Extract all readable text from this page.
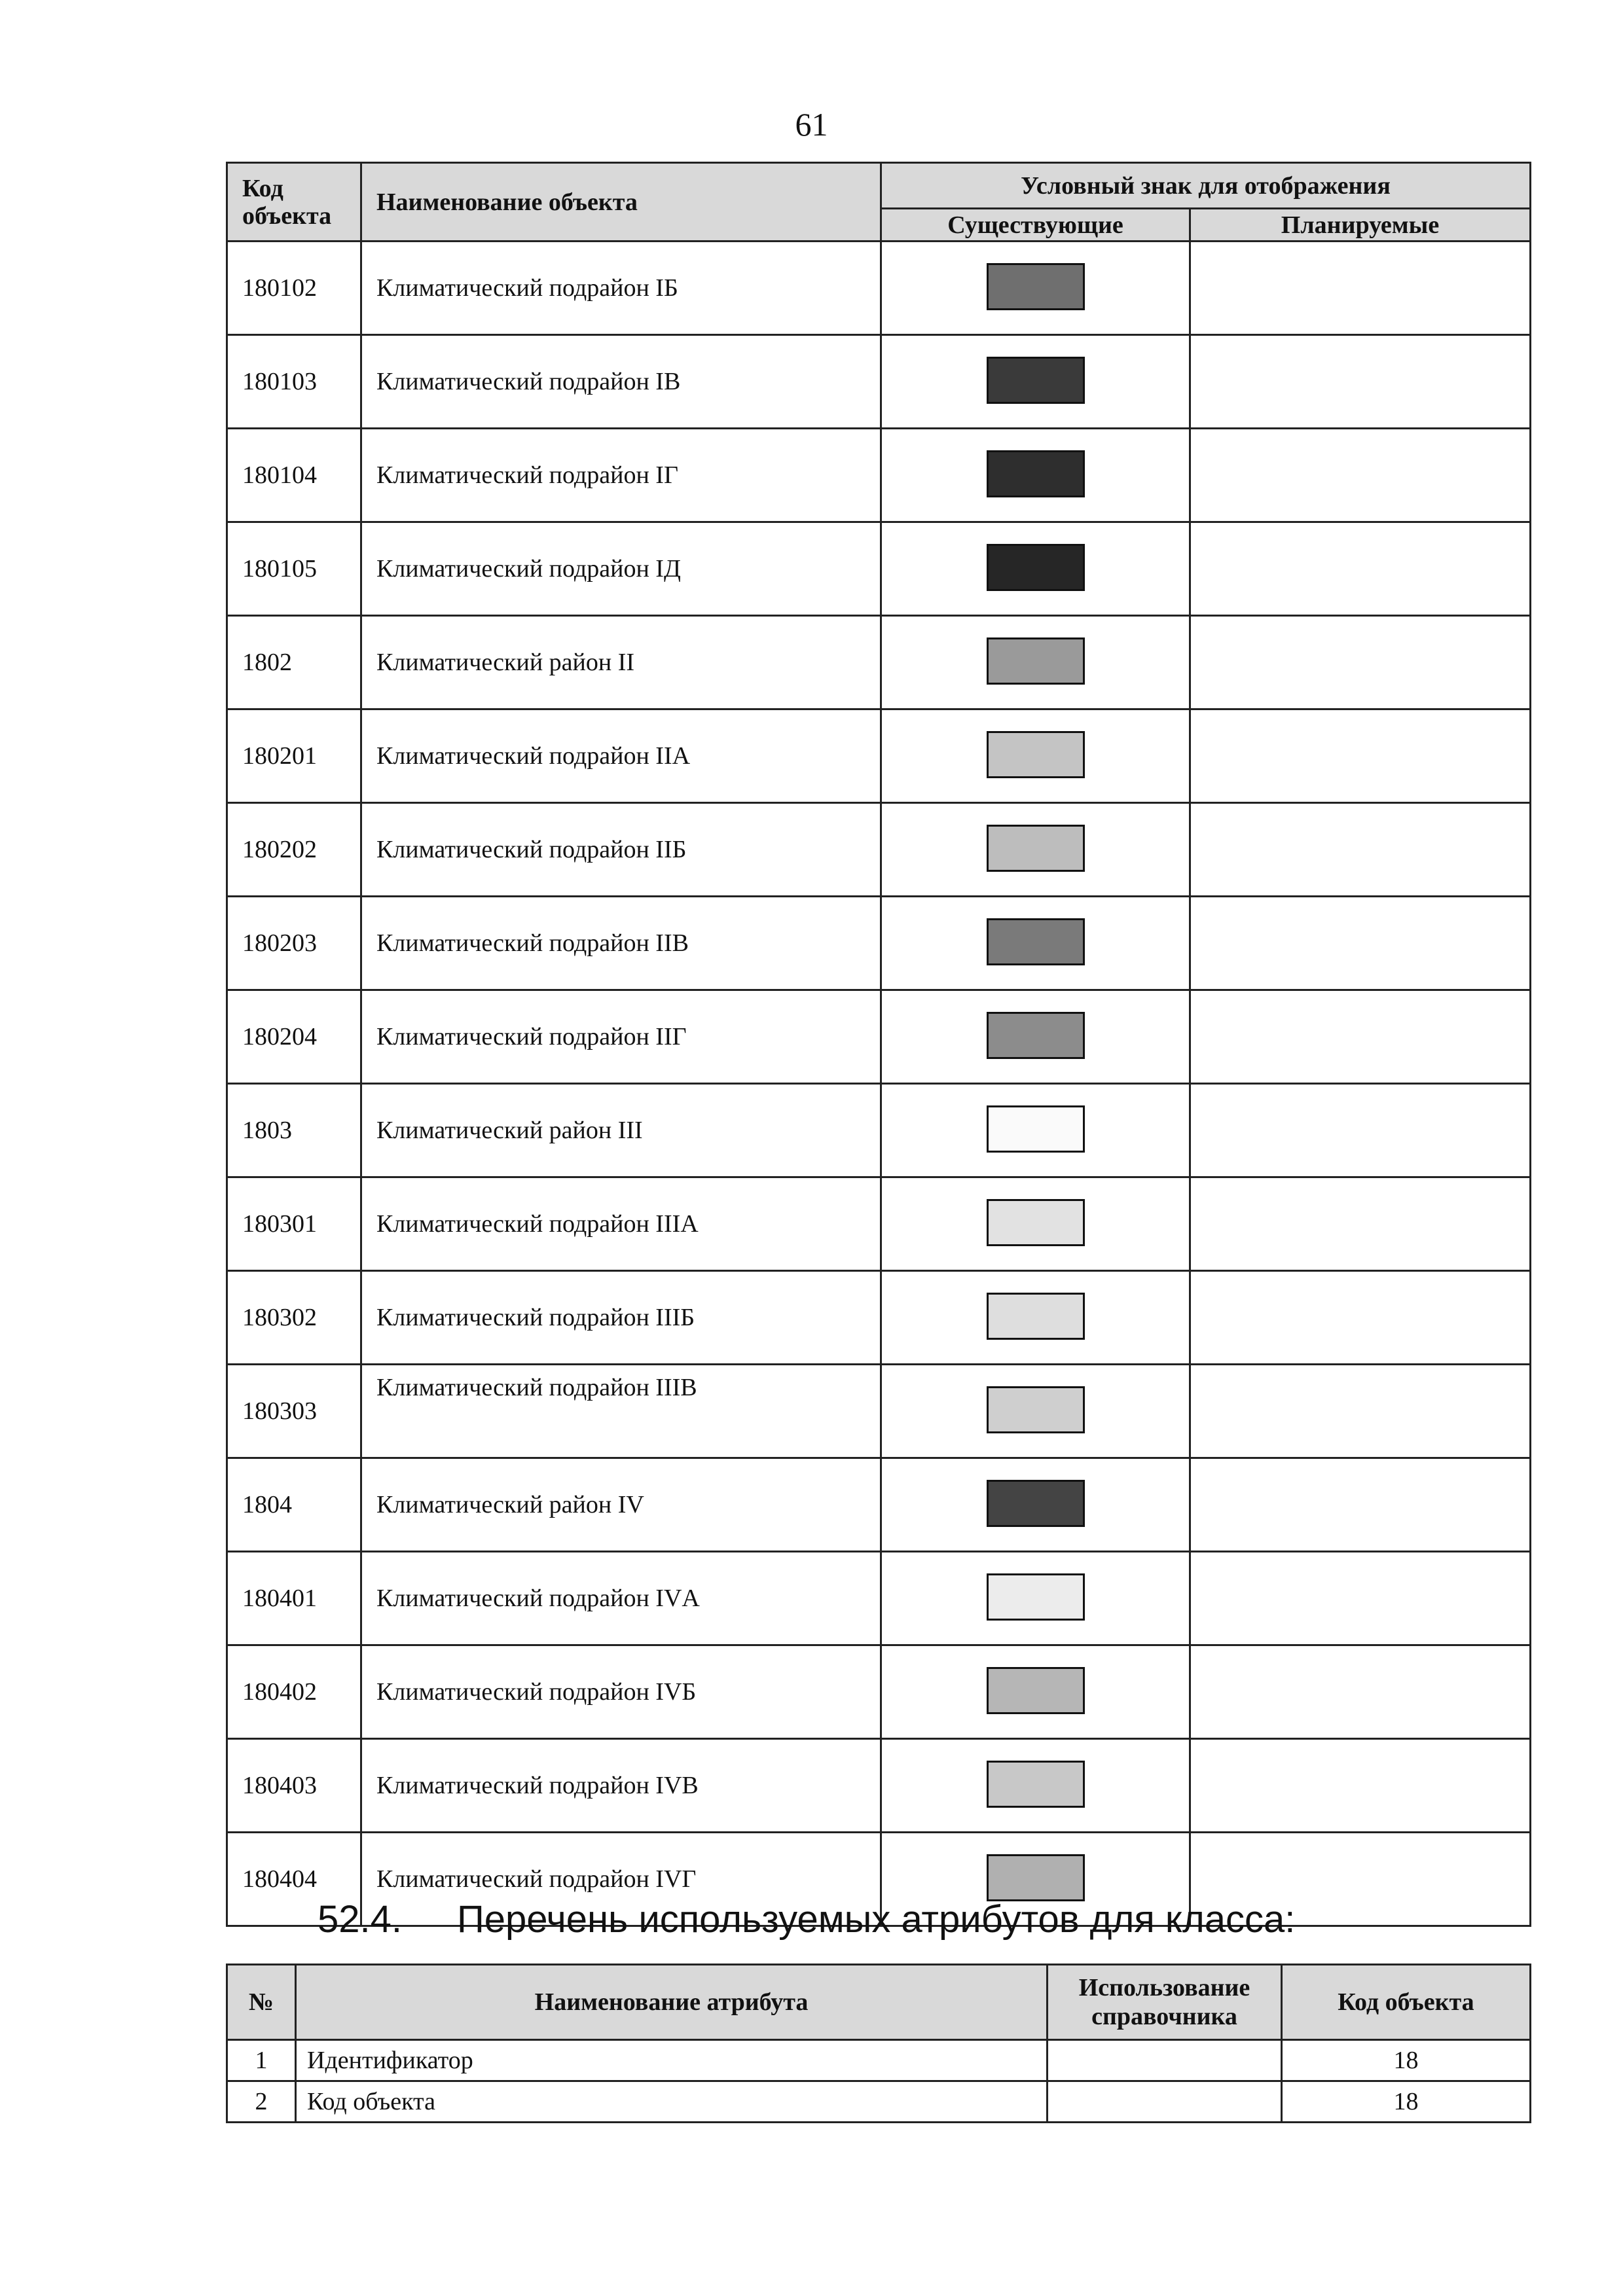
61
Код объекта	Наименование объекта	Условный знак для отображения	
		Существующие	Планируемые
180102	Климатический подрайон IБ		
180103	Климатический подрайон IВ		
180104	Климатический подрайон IГ		
180105	Климатический подрайон IД		
1802	Климатический район II		
180201	Климатический подрайон IIА		
180202	Климатический подрайон IIБ		
180203	Климатический подрайон IIВ		
180204	Климатический подрайон IIГ		
1803	Климатический район III		
180301	Климатический подрайон IIIА		
180302	Климатический подрайон IIIБ		
180303	Климатический подрайон IIIВ		
1804	Климатический район IV		
180401	Климатический подрайон IVА		
180402	Климатический подрайон IVБ		
180403	Климатический подрайон IVВ		
180404	Климатический подрайон IVГ		
52.4. Перечень используемых атрибутов для класса:
№	Наименование атрибута	Использование справочника	Код объекта
1	Идентификатор		18
2	Код объекта		18
